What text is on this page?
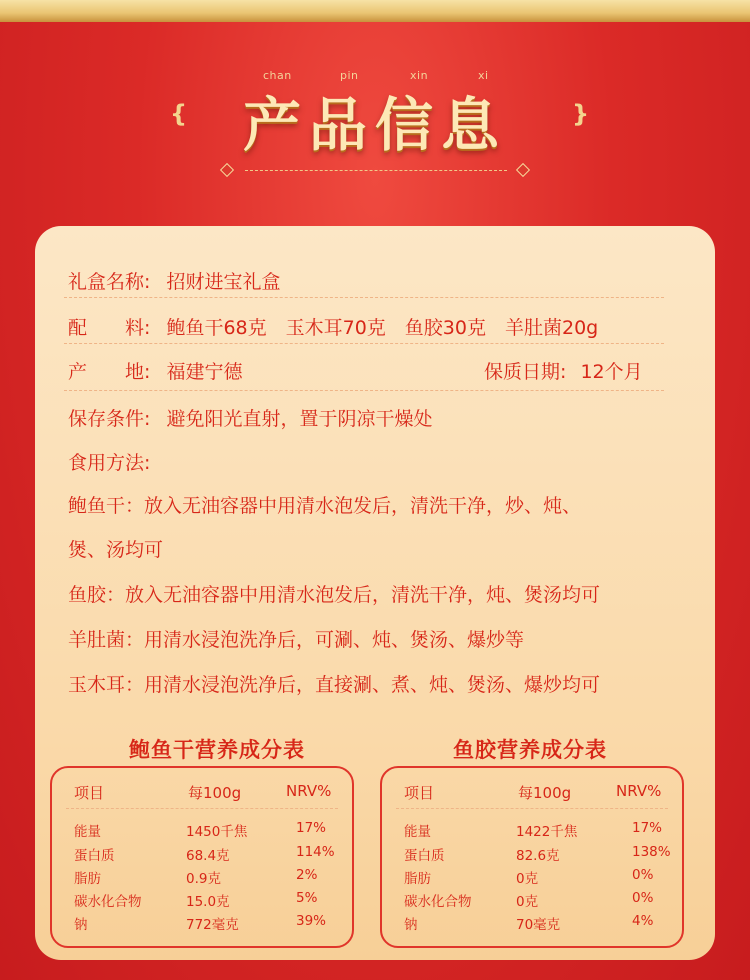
chan	pin	xin	xi
产品信息
{	}
礼盒名称: 招财进宝礼盒
配　　料: 鲍鱼干68克　玉木耳70克　鱼胶30克　羊肚菌20g
产　　地: 福建宁德	保质日期: 12个月
保存条件: 避免阳光直射，置于阴凉干燥处
食用方法:
鲍鱼干：放入无油容器中用清水泡发后，清洗干净，炒、炖、
煲、汤均可
鱼胶：放入无油容器中用清水泡发后，清洗干净，炖、煲汤均可
羊肚菌：用清水浸泡洗净后，可涮、炖、煲汤、爆炒等
玉木耳：用清水浸泡洗净后，直接涮、煮、炖、煲汤、爆炒均可
鲍鱼干营养成分表
项目	每100g	NRV%
能量	1450千焦	17%
蛋白质	68.4克	114%
脂肪	0.9克	2%
碳水化合物	15.0克	5%
钠	772毫克	39%
鱼胶营养成分表
项目	每100g	NRV%
能量	1422千焦	17%
蛋白质	82.6克	138%
脂肪	0克	0%
碳水化合物	0克	0%
钠	70毫克	4%
